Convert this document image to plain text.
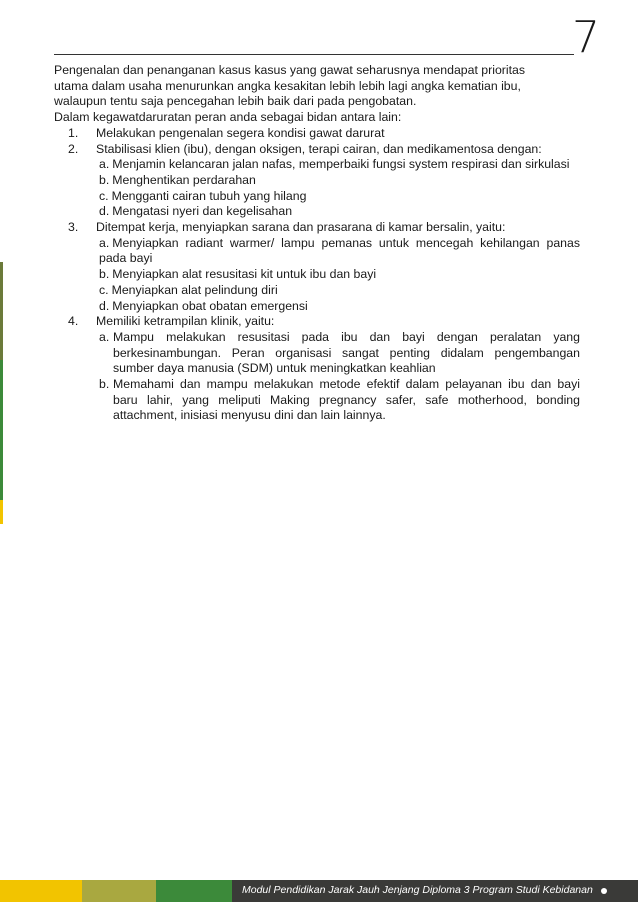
7
Pengenalan dan penanganan kasus kasus yang gawat seharusnya mendapat prioritas
utama dalam usaha menurunkan angka kesakitan lebih lebih lagi angka kematian ibu,
walaupun tentu saja pencegahan lebih baik dari pada pengobatan.
Dalam kegawatdaruratan peran anda sebagai bidan antara lain:
1. Melakukan pengenalan segera kondisi gawat darurat
2. Stabilisasi klien (ibu), dengan oksigen, terapi cairan, dan medikamentosa dengan:
a. Menjamin kelancaran jalan nafas, memperbaiki fungsi system respirasi dan sirkulasi
b. Menghentikan perdarahan
c. Mengganti cairan tubuh yang hilang
d. Mengatasi nyeri dan kegelisahan
3. Ditempat kerja, menyiapkan sarana dan prasarana di kamar bersalin, yaitu:
a. Menyiapkan radiant warmer/ lampu pemanas untuk mencegah kehilangan panas pada bayi
b. Menyiapkan alat resusitasi kit untuk ibu dan bayi
c. Menyiapkan alat pelindung diri
d. Menyiapkan obat obatan emergensi
4. Memiliki ketrampilan klinik, yaitu:
a. Mampu melakukan resusitasi pada ibu dan bayi dengan peralatan yang berkesinambungan. Peran organisasi sangat penting didalam pengembangan sumber daya manusia (SDM) untuk meningkatkan keahlian
b. Memahami dan mampu melakukan metode efektif dalam pelayanan ibu dan bayi baru lahir, yang meliputi Making pregnancy safer, safe motherhood, bonding attachment, inisiasi menyusu dini dan lain lainnya.
Modul Pendidikan Jarak Jauh Jenjang Diploma 3 Program Studi Kebidanan
